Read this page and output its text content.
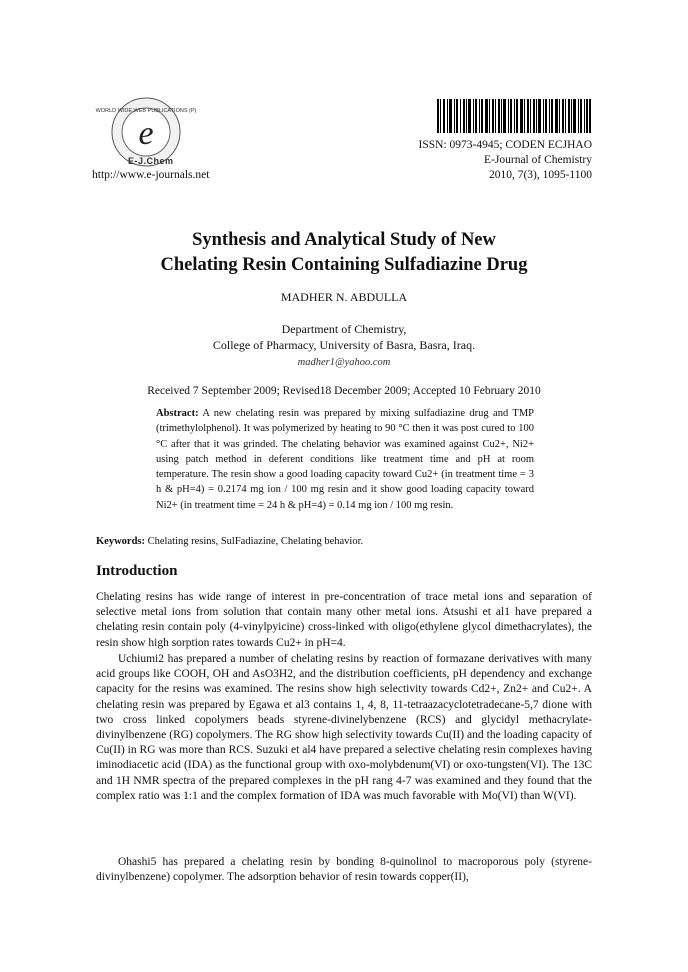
WORLD WIDE WEB PUBLICATIONS (P)
e
E-J.Chem
http://www.e-journals.net
ISSN: 0973-4945; CODEN ECJHAO
E-Journal of Chemistry
2010, 7(3), 1095-1100
Synthesis and Analytical Study of New
Chelating Resin Containing Sulfadiazine Drug
MADHER N. ABDULLA
Department of Chemistry,
College of Pharmacy, University of Basra, Basra, Iraq.
madher1@yahoo.com
Received 7 September 2009; Revised18 December 2009; Accepted 10 February 2010
Abstract: A new chelating resin was prepared by mixing sulfadiazine drug and TMP (trimethylolphenol). It was polymerized by heating to 90 °C then it was post cured to 100 °C after that it was grinded. The chelating behavior was examined against Cu2+, Ni2+ using patch method in deferent conditions like treatment time and pH at room temperature. The resin show a good loading capacity toward Cu2+ (in treatment time = 3 h & pH=4) = 0.2174 mg ion / 100 mg resin and it show good loading capacity toward Ni2+ (in treatment time = 24 h & pH=4) = 0.14 mg ion / 100 mg resin.
Keywords: Chelating resins, SulFadiazine, Chelating behavior.
Introduction

Chelating resins has wide range of interest in pre-concentration of trace metal ions and separation of selective metal ions from solution that contain many other metal ions. Atsushi et al1 have prepared a chelating resin contain poly (4-vinylpyicine) cross-linked with oligo(ethylene glycol dimethacrylates), the resin show high sorption rates towards Cu2+ in pH=4.

Uchiumi2 has prepared a number of chelating resins by reaction of formazane derivatives with many acid groups like COOH, OH and AsO3H2, and the distribution coefficients, pH dependency and exchange capacity for the resins was examined. The resins show high selectivity towards Cd2+, Zn2+ and Cu2+. A chelating resin was prepared by Egawa et al3 contains 1, 4, 8, 11-tetraazacyclotetradecane-5,7 dione with two cross linked copolymers beads styrene-divinelybenzene (RCS) and glycidyl methacrylate-divinylbenzene (RG) copolymers. The RG show high selectivity towards Cu(II) and the loading capacity of Cu(II) in RG was more than RCS. Suzuki et al4 have prepared a selective chelating resin complexes having iminodiacetic acid (IDA) as the functional group with oxo-molybdenum(VI) or oxo-tungsten(VI). The 13C and 1H NMR spectra of the prepared complexes in the pH rang 4-7 was examined and they found that the complex ratio was 1:1 and the complex formation of IDA was much favorable with Mo(VI) than W(VI).

Ohashi5 has prepared a chelating resin by bonding 8-quinolinol to macroporous poly (styrene-divinylbenzene) copolymer. The adsorption behavior of resin towards copper(II),
